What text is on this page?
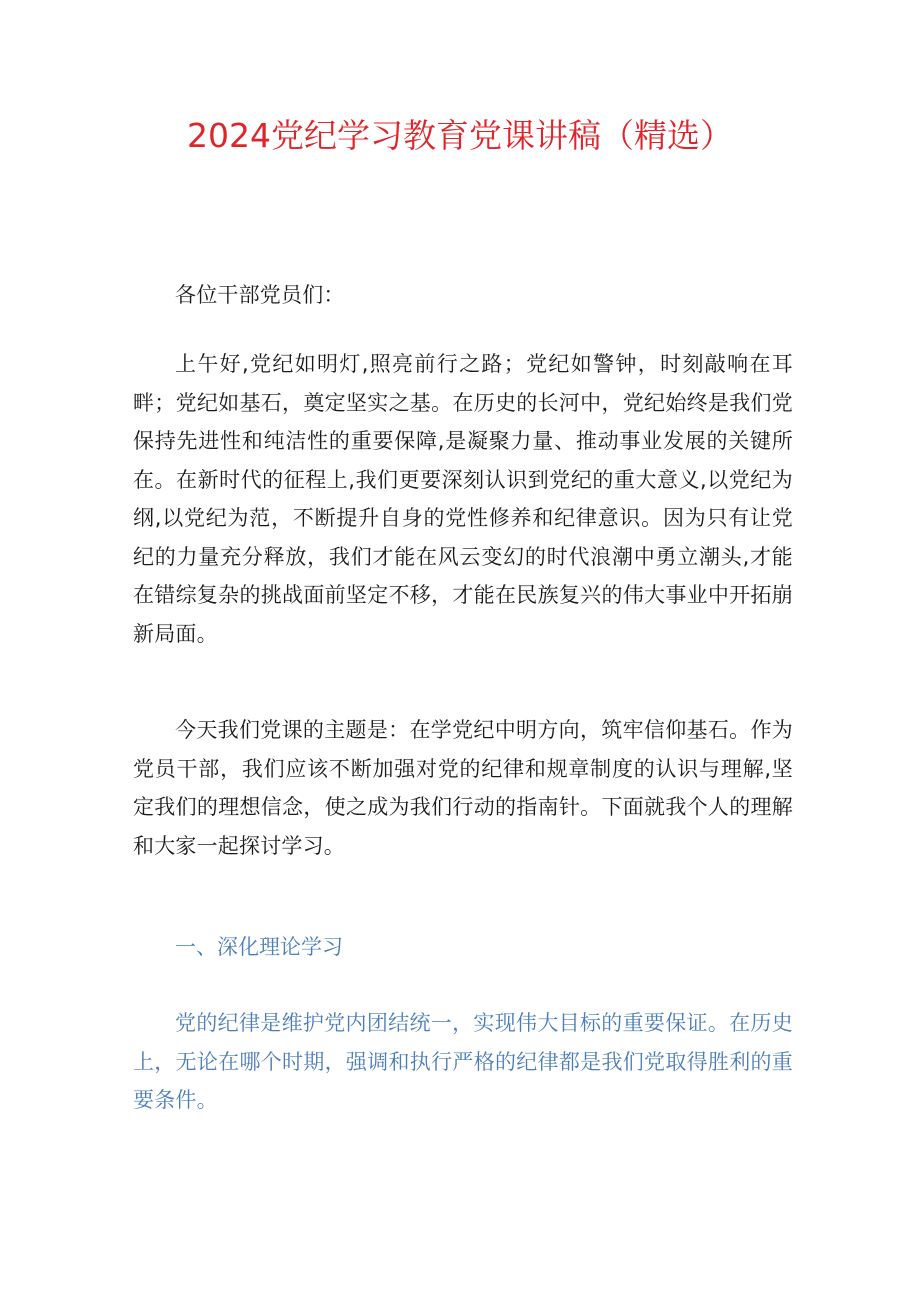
2024党纪学习教育党课讲稿（精选）

各位干部党员们：

上午好,党纪如明灯,照亮前行之路；党纪如警钟，时刻敲响在耳畔；党纪如基石，奠定坚实之基。在历史的长河中，党纪始终是我们党保持先进性和纯洁性的重要保障,是凝聚力量、推动事业发展的关键所在。在新时代的征程上,我们更要深刻认识到党纪的重大意义,以党纪为纲,以党纪为范，不断提升自身的党性修养和纪律意识。因为只有让党纪的力量充分释放，我们才能在风云变幻的时代浪潮中勇立潮头,才能在错综复杂的挑战面前坚定不移，才能在民族复兴的伟大事业中开拓崩新局面。

今天我们党课的主题是：在学党纪中明方向，筑牢信仰基石。作为党员干部，我们应该不断加强对党的纪律和规章制度的认识与理解,坚定我们的理想信念，使之成为我们行动的指南针。下面就我个人的理解和大家一起探讨学习。

一、深化理论学习

党的纪律是维护党内团结统一，实现伟大目标的重要保证。在历史上，无论在哪个时期，强调和执行严格的纪律都是我们党取得胜利的重要条件。
